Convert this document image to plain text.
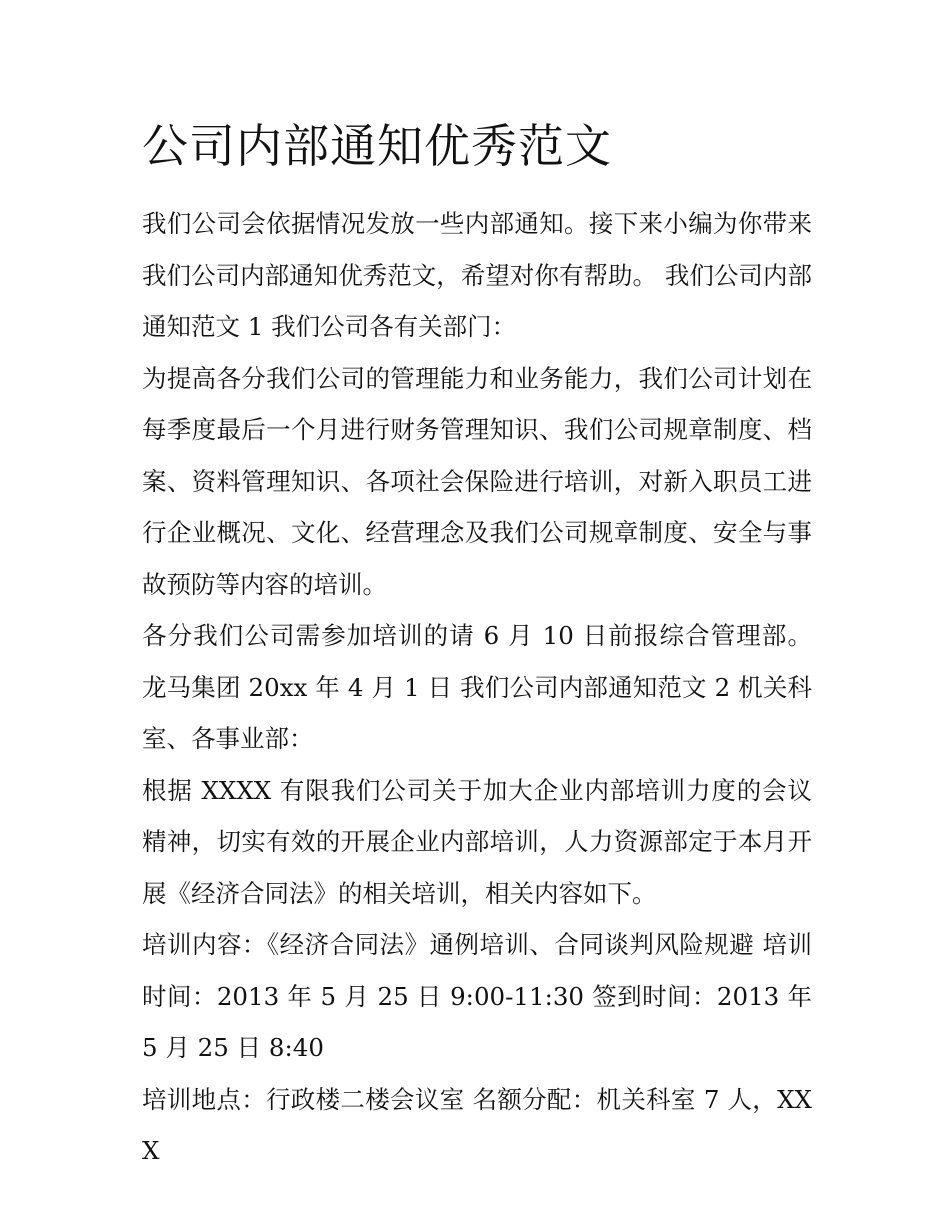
公司内部通知优秀范文

我们公司会依据情况发放一些内部通知。接下来小编为你带来我们公司内部通知优秀范文，希望对你有帮助。 我们公司内部通知范文 1 我们公司各有关部门：

为提高各分我们公司的管理能力和业务能力，我们公司计划在每季度最后一个月进行财务管理知识、我们公司规章制度、档案、资料管理知识、各项社会保险进行培训，对新入职员工进行企业概况、文化、经营理念及我们公司规章制度、安全与事故预防等内容的培训。

各分我们公司需参加培训的请 6 月 10 日前报综合管理部。 龙马集团 20xx 年 4 月 1 日 我们公司内部通知范文 2 机关科室、各事业部：

根据 XXXX 有限我们公司关于加大企业内部培训力度的会议精神，切实有效的开展企业内部培训，人力资源部定于本月开展《经济合同法》的相关培训，相关内容如下。

培训内容：《经济合同法》通例培训、合同谈判风险规避 培训时间：2013 年 5 月 25 日 9:00-11:30 签到时间：2013 年 5 月 25 日 8:40

培训地点：行政楼二楼会议室 名额分配：机关科室 7 人，XXX
